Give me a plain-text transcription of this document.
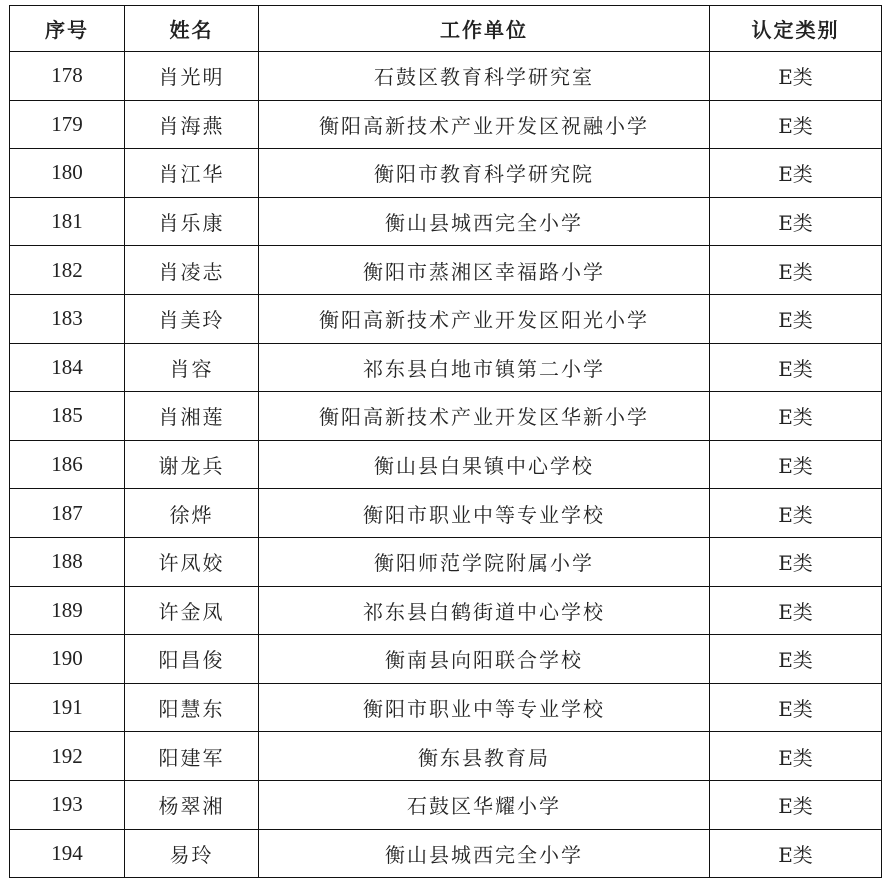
序号	姓名	工作单位	认定类别
178	肖光明	石鼓区教育科学研究室	E类
179	肖海燕	衡阳高新技术产业开发区祝融小学	E类
180	肖江华	衡阳市教育科学研究院	E类
181	肖乐康	衡山县城西完全小学	E类
182	肖凌志	衡阳市蒸湘区幸福路小学	E类
183	肖美玲	衡阳高新技术产业开发区阳光小学	E类
184	肖容	祁东县白地市镇第二小学	E类
185	肖湘莲	衡阳高新技术产业开发区华新小学	E类
186	谢龙兵	衡山县白果镇中心学校	E类
187	徐烨	衡阳市职业中等专业学校	E类
188	许凤姣	衡阳师范学院附属小学	E类
189	许金凤	祁东县白鹤街道中心学校	E类
190	阳昌俊	衡南县向阳联合学校	E类
191	阳慧东	衡阳市职业中等专业学校	E类
192	阳建军	衡东县教育局	E类
193	杨翠湘	石鼓区华耀小学	E类
194	易玲	衡山县城西完全小学	E类
